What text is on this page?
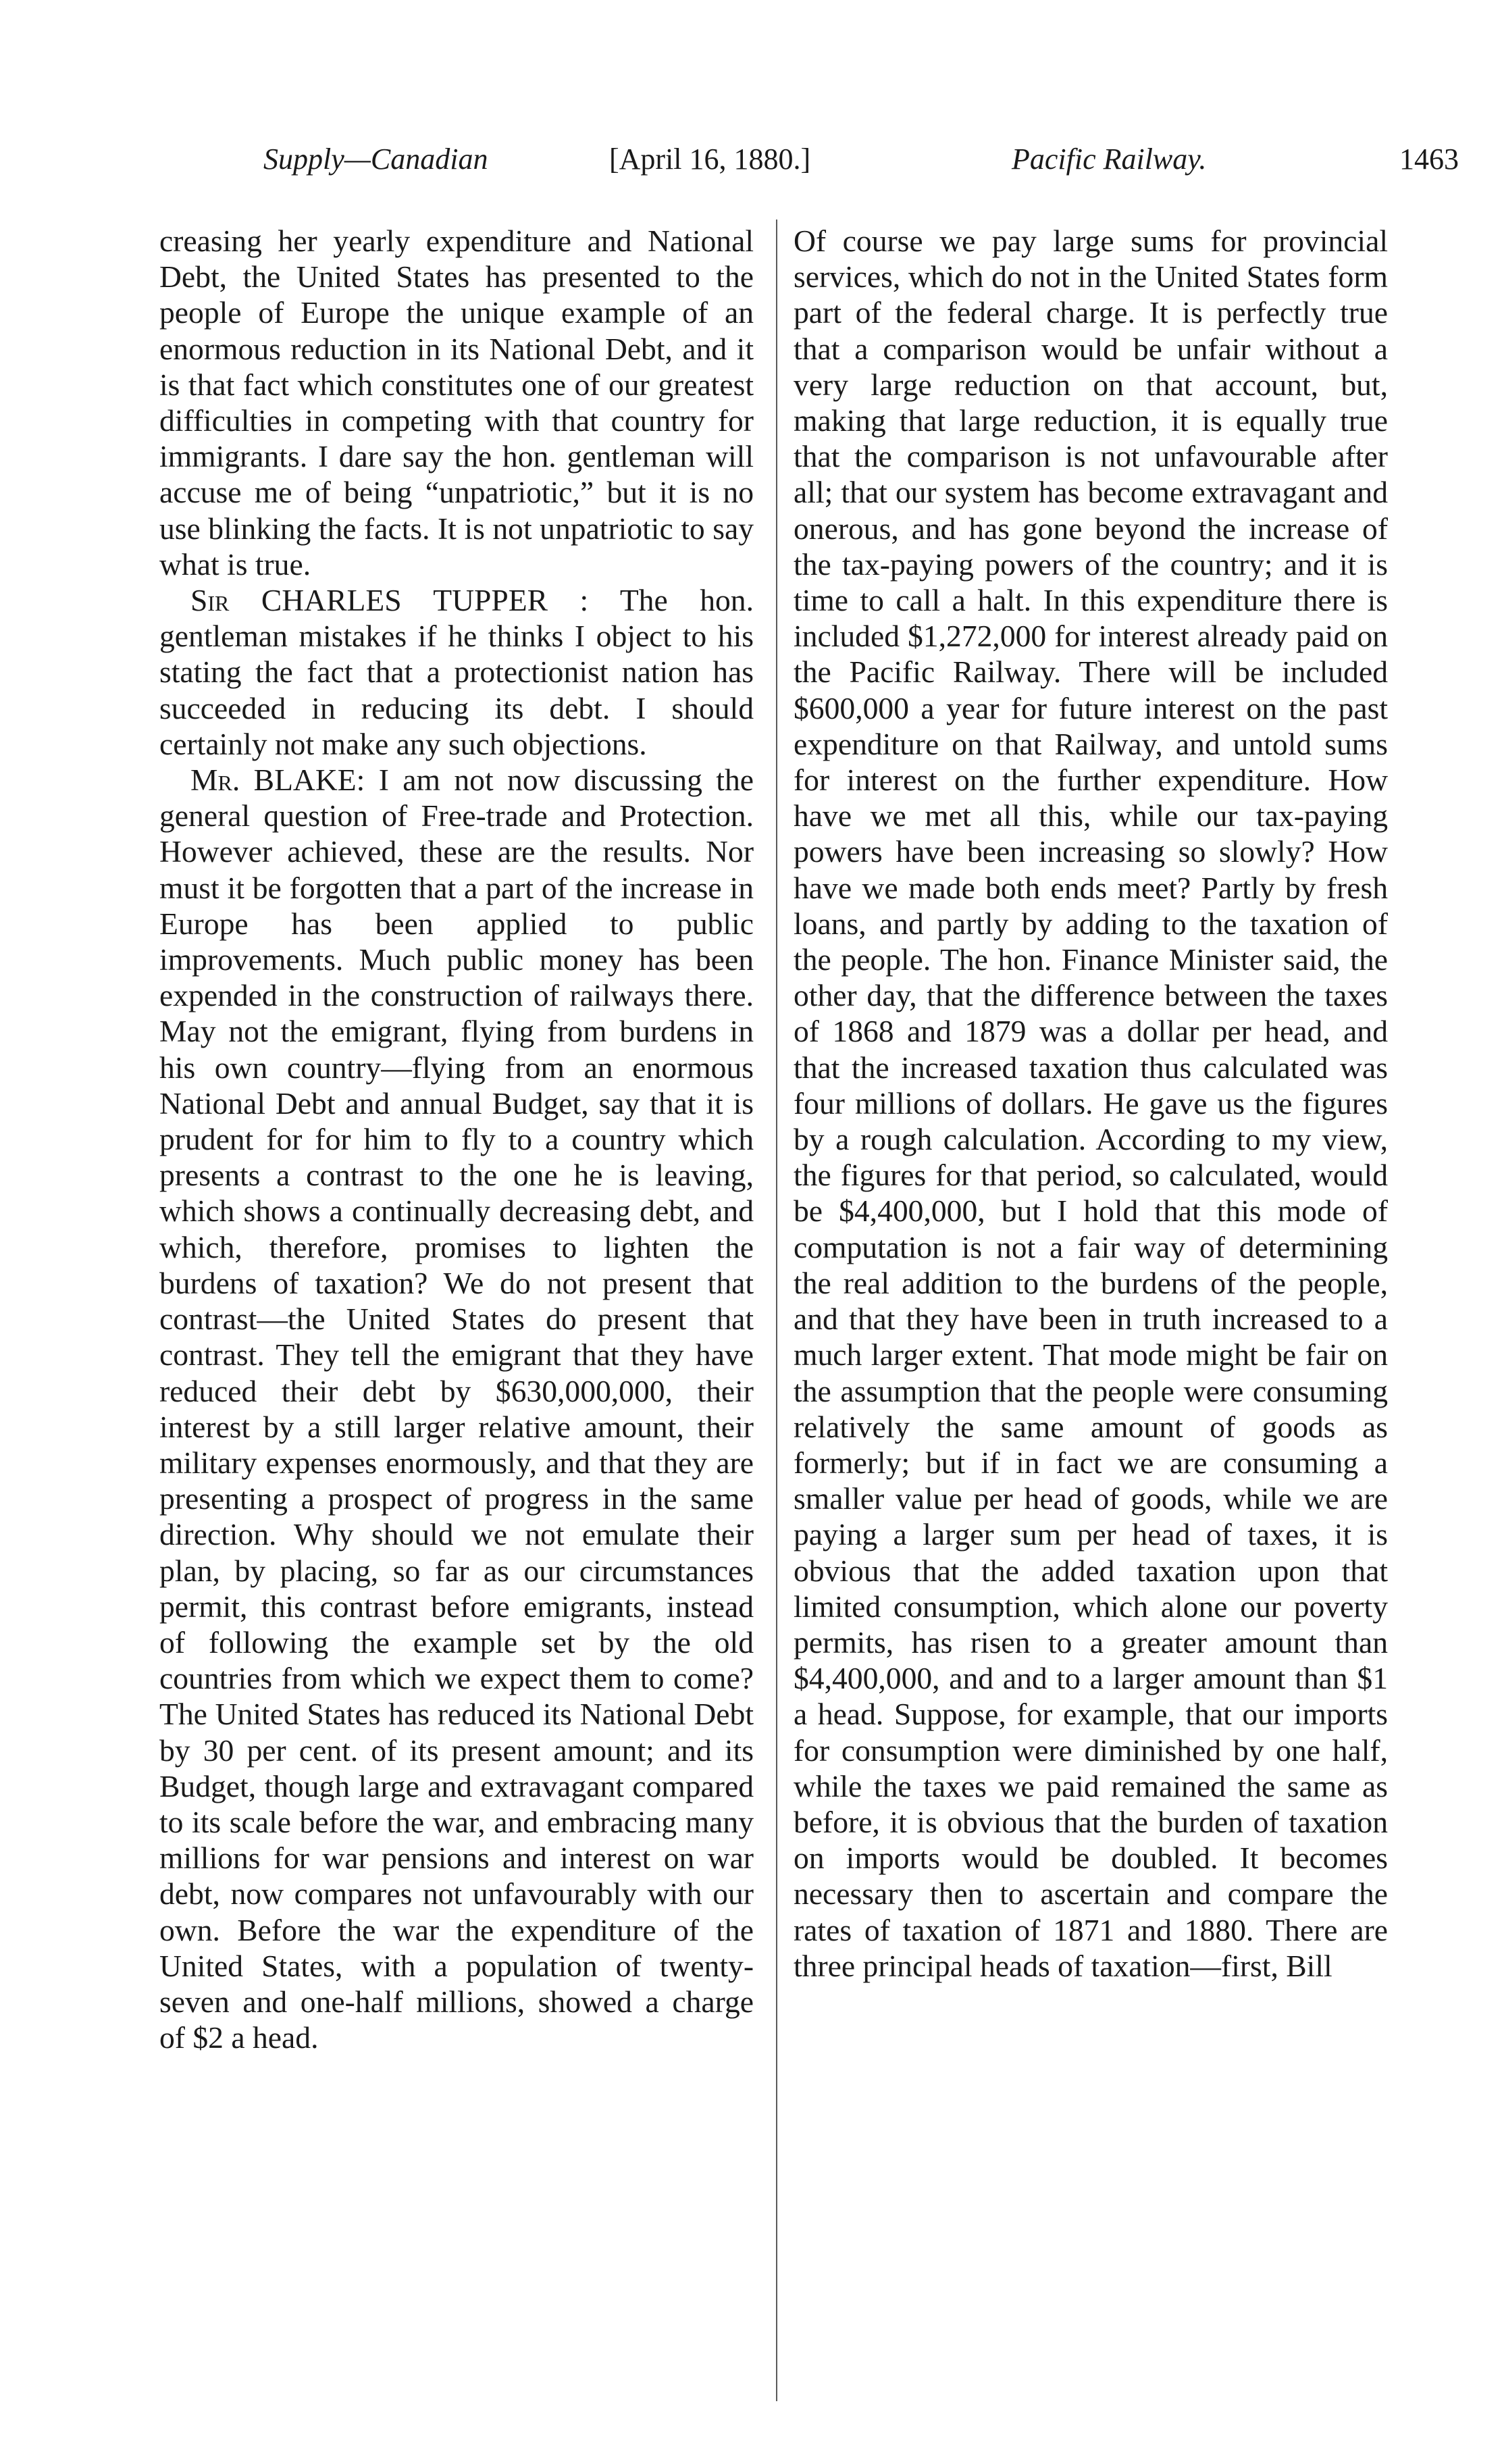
Supply—Canadian	[April 16, 1880.]	Pacific Railway.	1463

creasing her yearly expenditure and National Debt, the United States has presented to the people of Europe the unique example of an enormous reduction in its National Debt, and it is that fact which constitutes one of our greatest difficulties in competing with that country for immigrants. I dare say the hon. gentleman will accuse me of being “unpatriotic,” but it is no use blinking the facts. It is not unpatriotic to say what is true.

Sir CHARLES TUPPER : The hon. gentleman mistakes if he thinks I object to his stating the fact that a protectionist nation has succeeded in reducing its debt. I should certainly not make any such objections.

Mr. BLAKE: I am not now discussing the general question of Free-trade and Protection. However achieved, these are the results. Nor must it be forgotten that a part of the increase in Europe has been applied to public improvements. Much public money has been expended in the construction of railways there. May not the emigrant, flying from burdens in his own country—flying from an enormous National Debt and annual Budget, say that it is prudent for for him to fly to a country which presents a contrast to the one he is leaving, which shows a continually decreasing debt, and which, therefore, promises to lighten the burdens of taxation? We do not present that contrast—the United States do present that contrast. They tell the emigrant that they have reduced their debt by $630,000,000, their interest by a still larger relative amount, their military expenses enormously, and that they are presenting a prospect of progress in the same direction. Why should we not emulate their plan, by placing, so far as our circumstances permit, this contrast before emigrants, instead of following the example set by the old countries from which we expect them to come? The United States has reduced its National Debt by 30 per cent. of its present amount; and its Budget, though large and extravagant compared to its scale before the war, and embracing many millions for war pensions and interest on war debt, now compares not unfavourably with our own. Before the war the expenditure of the United States, with a population of twenty-seven and one-half millions, showed a charge of $2 a head.

Of course we pay large sums for provincial services, which do not in the United States form part of the federal charge. It is perfectly true that a comparison would be unfair without a very large reduction on that account, but, making that large reduction, it is equally true that the comparison is not unfavourable after all; that our system has become extravagant and onerous, and has gone beyond the increase of the tax-paying powers of the country; and it is time to call a halt. In this expenditure there is included $1,272,000 for interest already paid on the Pacific Railway. There will be included $600,000 a year for future interest on the past expenditure on that Railway, and untold sums for interest on the further expenditure. How have we met all this, while our tax-paying powers have been increasing so slowly? How have we made both ends meet? Partly by fresh loans, and partly by adding to the taxation of the people. The hon. Finance Minister said, the other day, that the difference between the taxes of 1868 and 1879 was a dollar per head, and that the increased taxation thus calculated was four millions of dollars. He gave us the figures by a rough calculation. According to my view, the figures for that period, so calculated, would be $4,400,000, but I hold that this mode of computation is not a fair way of determining the real addition to the burdens of the people, and that they have been in truth increased to a much larger extent. That mode might be fair on the assumption that the people were consuming relatively the same amount of goods as formerly; but if in fact we are consuming a smaller value per head of goods, while we are paying a larger sum per head of taxes, it is obvious that the added taxation upon that limited consumption, which alone our poverty permits, has risen to a greater amount than $4,400,000, and and to a larger amount than $1 a head. Suppose, for example, that our imports for consumption were diminished by one half, while the taxes we paid remained the same as before, it is obvious that the burden of taxation on imports would be doubled. It becomes necessary then to ascertain and compare the rates of taxation of 1871 and 1880. There are three principal heads of taxation—first, Bill
